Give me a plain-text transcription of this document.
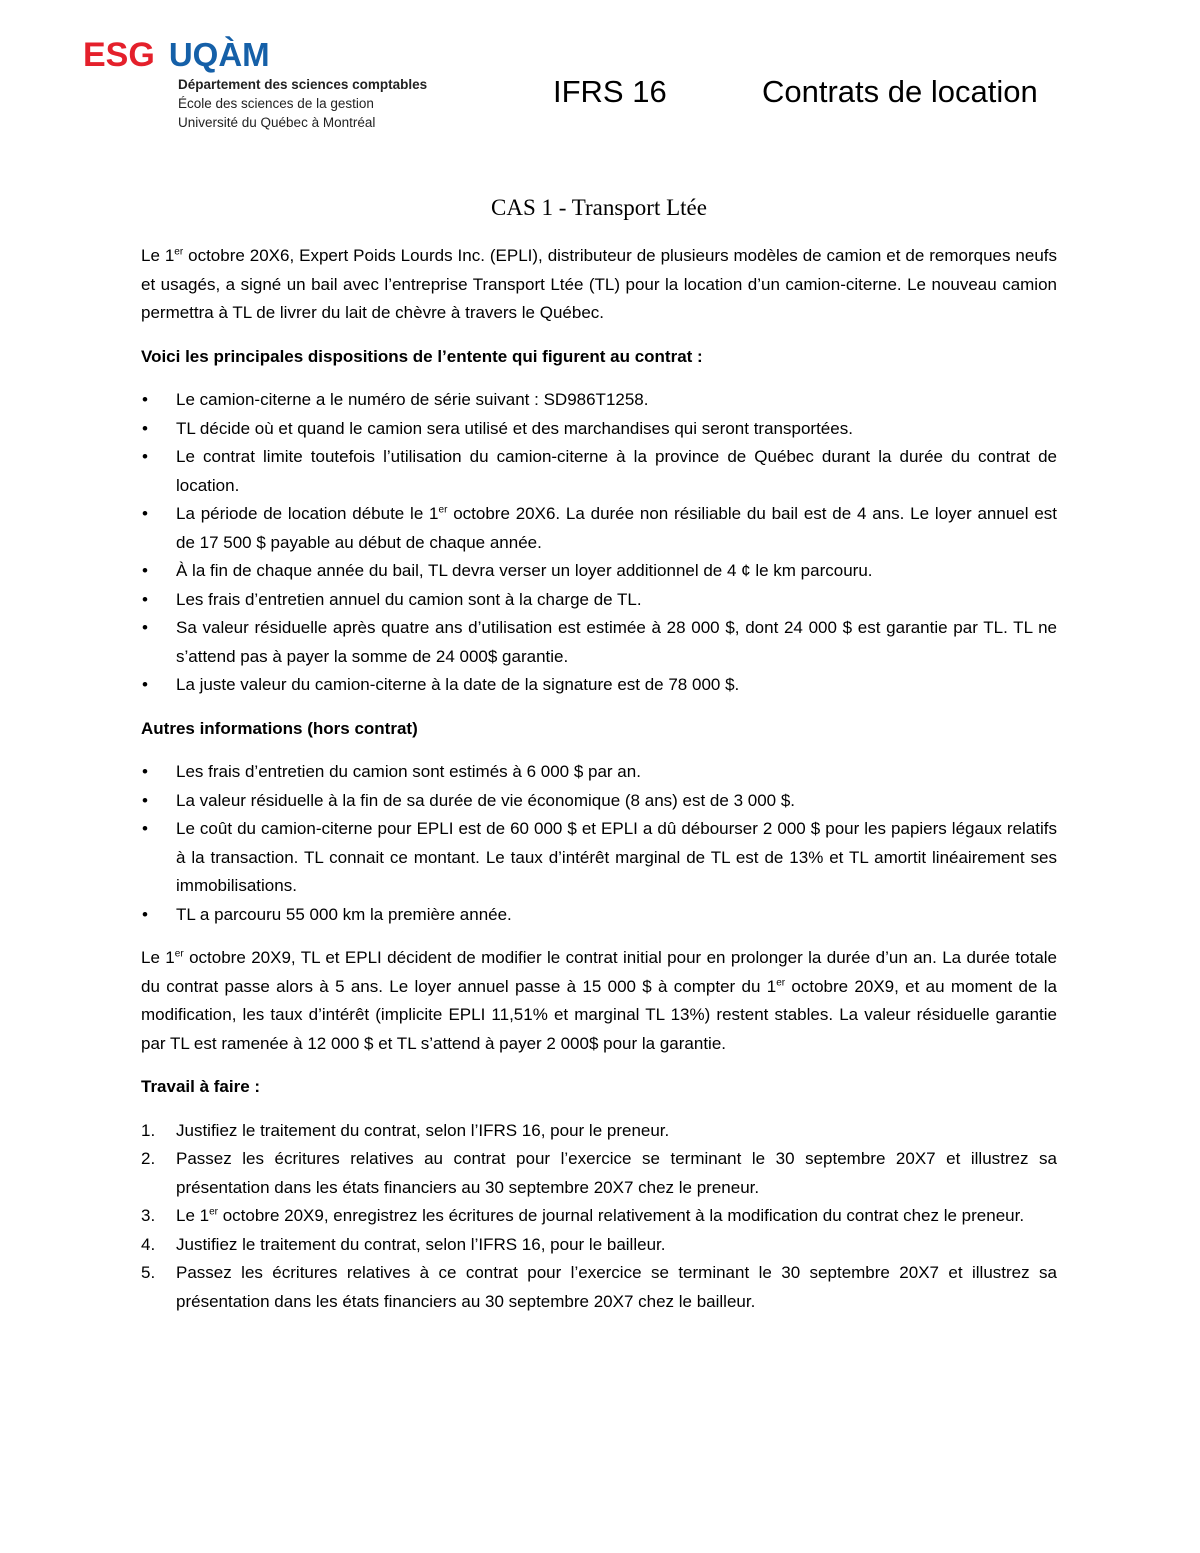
ESG UQÀM
Département des sciences comptables
École des sciences de la gestion
Université du Québec à Montréal
IFRS 16	Contrats de location
CAS 1 - Transport Ltée

Le 1er octobre 20X6, Expert Poids Lourds Inc. (EPLI), distributeur de plusieurs modèles de camion et de remorques neufs et usagés, a signé un bail avec l’entreprise Transport Ltée (TL) pour la location d’un camion-citerne. Le nouveau camion permettra à TL de livrer du lait de chèvre à travers le Québec.

Voici les principales dispositions de l’entente qui figurent au contrat :
• Le camion-citerne a le numéro de série suivant : SD986T1258.
• TL décide où et quand le camion sera utilisé et des marchandises qui seront transportées.
• Le contrat limite toutefois l’utilisation du camion-citerne à la province de Québec durant la durée du contrat de location.
• La période de location débute le 1er octobre 20X6. La durée non résiliable du bail est de 4 ans. Le loyer annuel est de 17 500 $ payable au début de chaque année.
• À la fin de chaque année du bail, TL devra verser un loyer additionnel de 4 ¢ le km parcouru.
• Les frais d’entretien annuel du camion sont à la charge de TL.
• Sa valeur résiduelle après quatre ans d’utilisation est estimée à 28 000 $, dont 24 000 $ est garantie par TL. TL ne s’attend pas à payer la somme de 24 000$ garantie.
• La juste valeur du camion-citerne à la date de la signature est de 78 000 $.
Autres informations (hors contrat)
• Les frais d’entretien du camion sont estimés à 6 000 $ par an.
• La valeur résiduelle à la fin de sa durée de vie économique (8 ans) est de 3 000 $.
• Le coût du camion-citerne pour EPLI est de 60 000 $ et EPLI a dû débourser 2 000 $ pour les papiers légaux relatifs à la transaction. TL connait ce montant. Le taux d’intérêt marginal de TL est de 13% et TL amortit linéairement ses immobilisations.
• TL a parcouru 55 000 km la première année.

Le 1er octobre 20X9, TL et EPLI décident de modifier le contrat initial pour en prolonger la durée d’un an. La durée totale du contrat passe alors à 5 ans. Le loyer annuel passe à 15 000 $ à compter du 1er octobre 20X9, et au moment de la modification, les taux d’intérêt (implicite EPLI 11,51% et marginal TL 13%) restent stables. La valeur résiduelle garantie par TL est ramenée à 12 000 $ et TL s’attend à payer 2 000$ pour la garantie.

Travail à faire :
1. Justifiez le traitement du contrat, selon l’IFRS 16, pour le preneur.
2. Passez les écritures relatives au contrat pour l’exercice se terminant le 30 septembre 20X7 et illustrez sa présentation dans les états financiers au 30 septembre 20X7 chez le preneur.
3. Le 1er octobre 20X9, enregistrez les écritures de journal relativement à la modification du contrat chez le preneur.
4. Justifiez le traitement du contrat, selon l’IFRS 16, pour le bailleur.
5. Passez les écritures relatives à ce contrat pour l’exercice se terminant le 30 septembre 20X7 et illustrez sa présentation dans les états financiers au 30 septembre 20X7 chez le bailleur.
